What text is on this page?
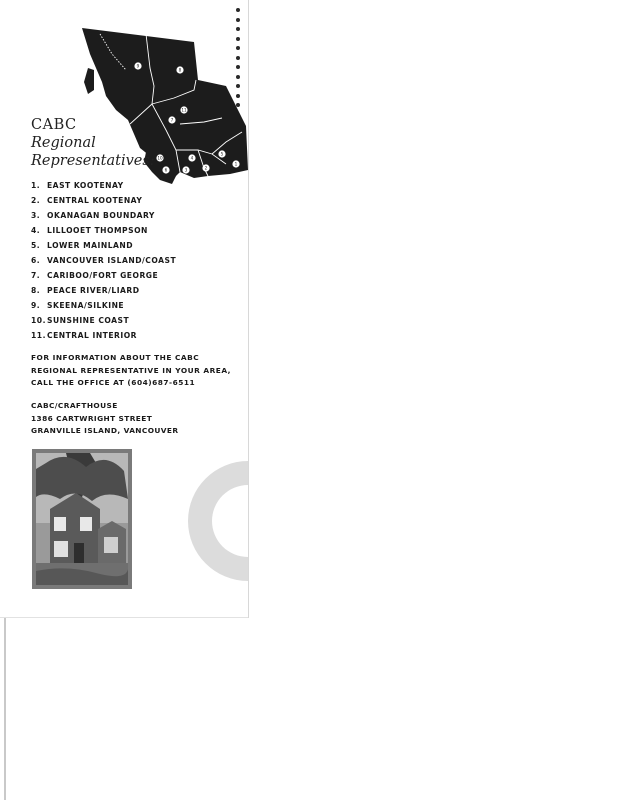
8
9
11
7
10
3
4
2
5
1
6
CABC
Regional
Representatives:
1. EAST KOOTENAY
2. CENTRAL KOOTENAY
3. OKANAGAN BOUNDARY
4. LILLOOET THOMPSON
5. LOWER MAINLAND
6. VANCOUVER ISLAND/COAST
7. CARIBOO/FORT GEORGE
8. PEACE RIVER/LIARD
9. SKEENA/SILKINE
10.SUNSHINE COAST
11.CENTRAL INTERIOR
FOR INFORMATION ABOUT THE CABC
REGIONAL REPRESENTATIVE IN YOUR AREA,
CALL THE OFFICE AT (604)687-6511
CABC/CRAFTHOUSE
1386 CARTWRIGHT STREET
GRANVILLE ISLAND, VANCOUVER
